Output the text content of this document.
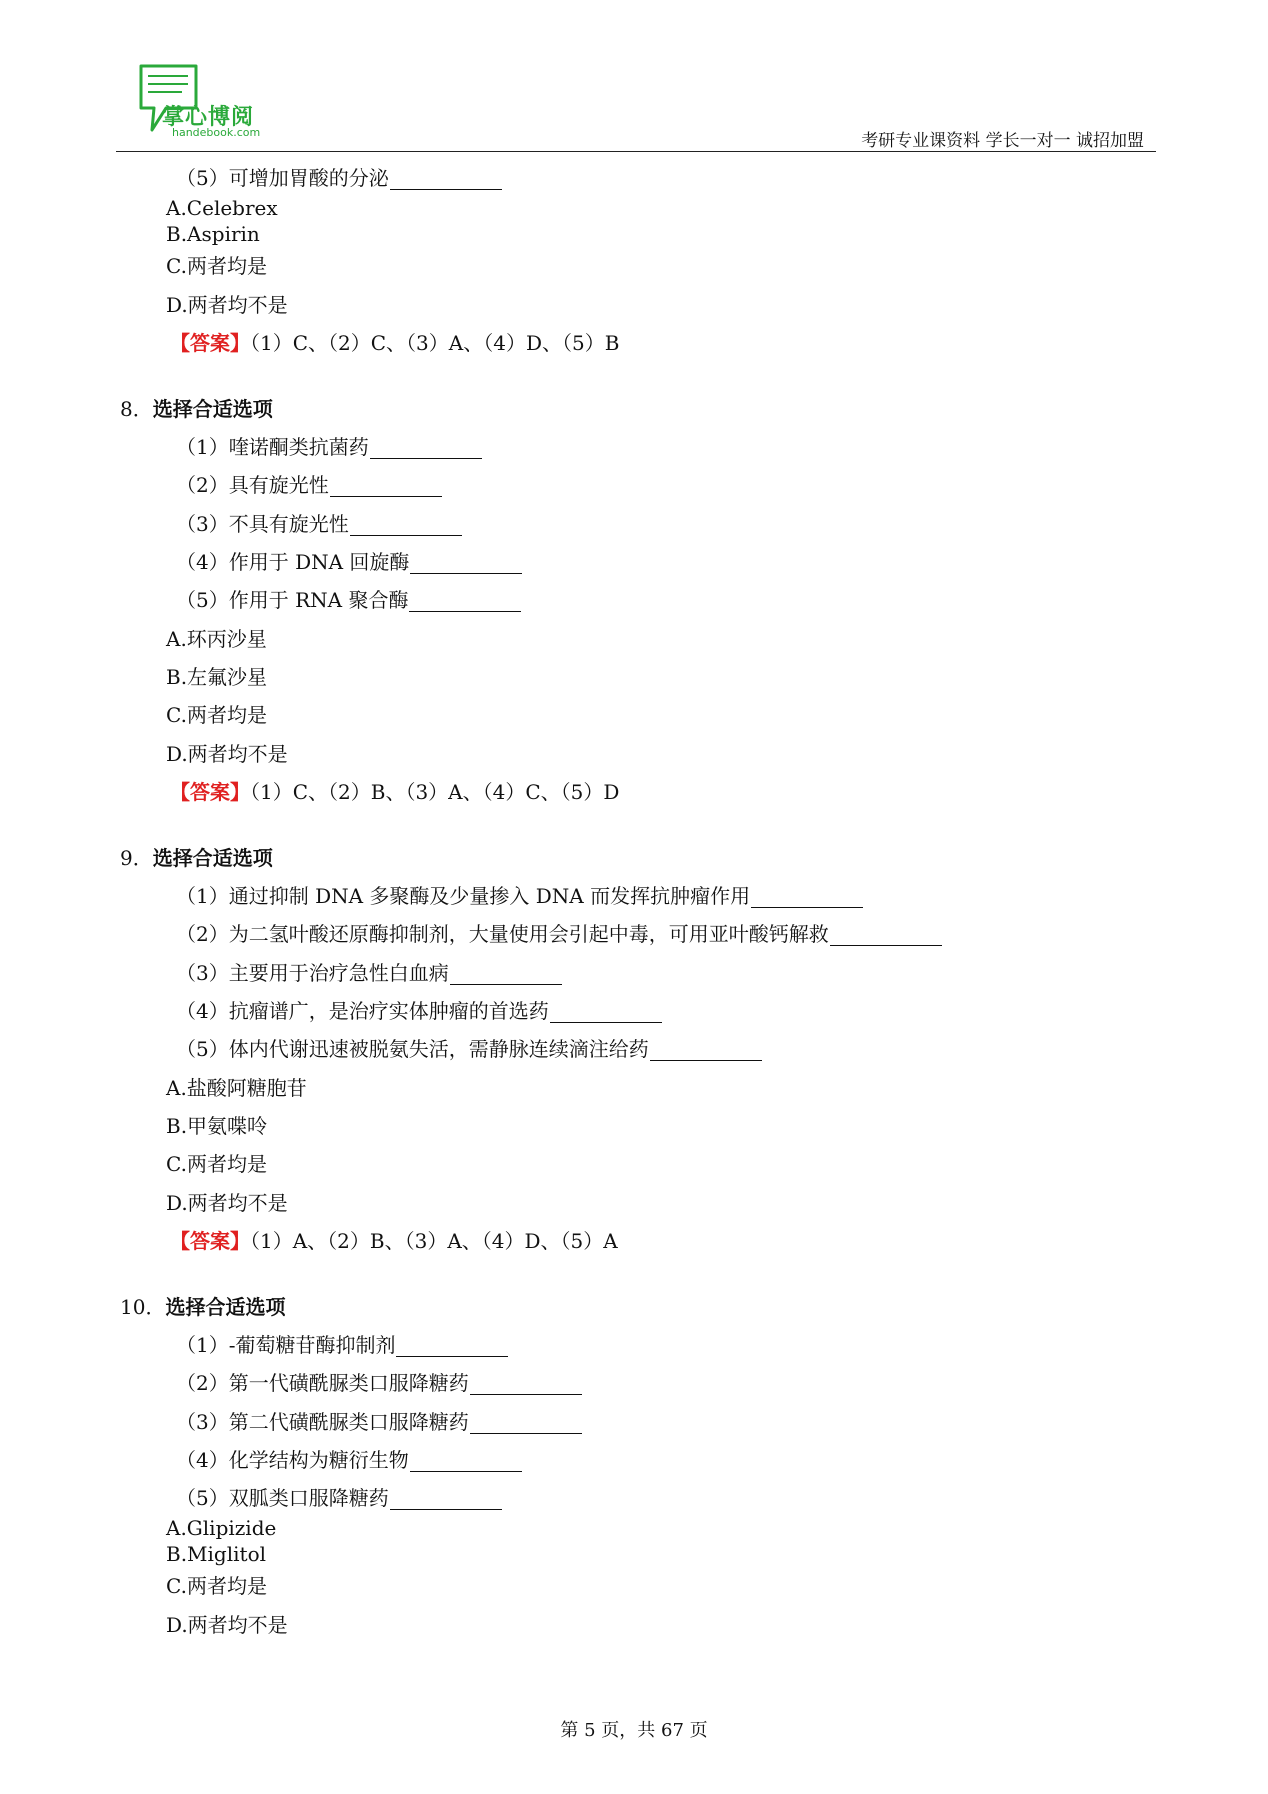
掌心博阅
handebook.com	考研专业课资料 学长一对一 诚招加盟
（5）可增加胃酸的分泌
A.Celebrex
B.Aspirin
C.两者均是
D.两者均不是
【答案】（1）C、（2）C、（3）A、（4）D、（5）B
8．选择合适选项
（1）喹诺酮类抗菌药
（2）具有旋光性
（3）不具有旋光性
（4）作用于 DNA 回旋酶
（5）作用于 RNA 聚合酶
A.环丙沙星
B.左氟沙星
C.两者均是
D.两者均不是
【答案】（1）C、（2）B、（3）A、（4）C、（5）D
9．选择合适选项
（1）通过抑制 DNA 多聚酶及少量掺入 DNA 而发挥抗肿瘤作用
（2）为二氢叶酸还原酶抑制剂，大量使用会引起中毒，可用亚叶酸钙解救
（3）主要用于治疗急性白血病
（4）抗瘤谱广，是治疗实体肿瘤的首选药
（5）体内代谢迅速被脱氨失活，需静脉连续滴注给药
A.盐酸阿糖胞苷
B.甲氨喋呤
C.两者均是
D.两者均不是
【答案】（1）A、（2）B、（3）A、（4）D、（5）A
10．选择合适选项
（1）-葡萄糖苷酶抑制剂
（2）第一代磺酰脲类口服降糖药
（3）第二代磺酰脲类口服降糖药
（4）化学结构为糖衍生物
（5）双胍类口服降糖药
A.Glipizide
B.Miglitol
C.两者均是
D.两者均不是
第 5 页，共 67 页
